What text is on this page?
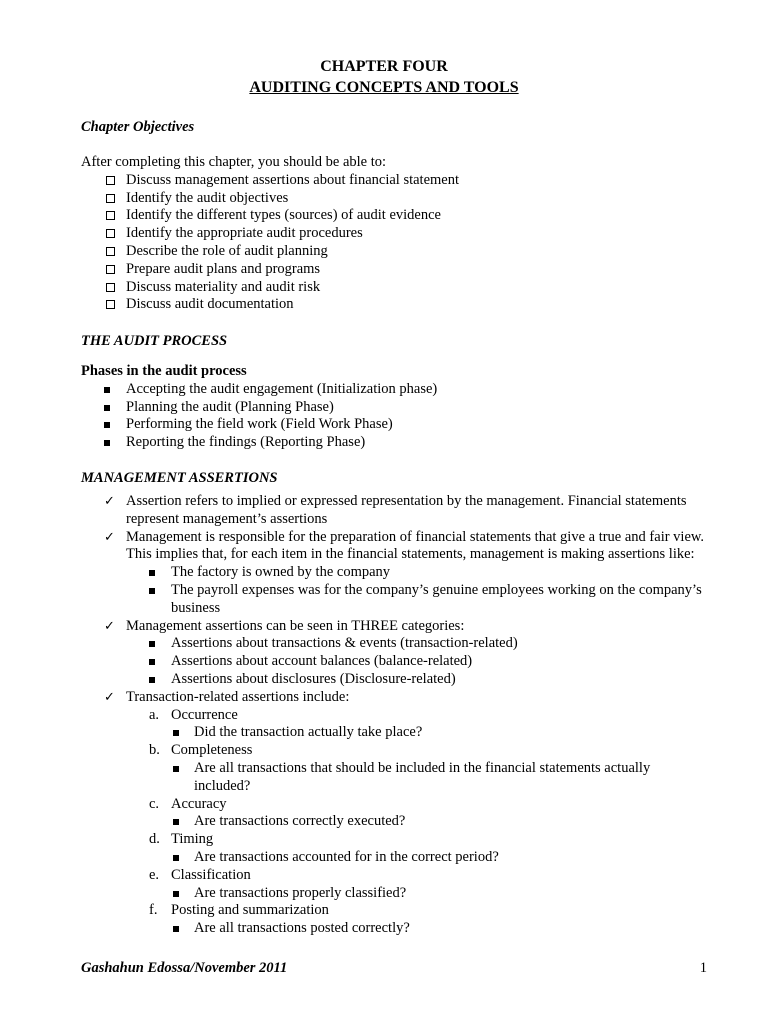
CHAPTER FOUR
AUDITING CONCEPTS AND TOOLS
Chapter Objectives
After completing this chapter, you should be able to:
Discuss management assertions about financial statement
Identify the audit objectives
Identify the different types (sources) of audit evidence
Identify the appropriate audit procedures
Describe the role of audit planning
Prepare audit plans and programs
Discuss materiality and audit risk
Discuss audit documentation
THE AUDIT PROCESS
Phases in the audit process
Accepting the audit engagement (Initialization phase)
Planning the audit (Planning Phase)
Performing the field work (Field Work Phase)
Reporting the findings (Reporting Phase)
MANAGEMENT ASSERTIONS
✓ Assertion refers to implied or expressed representation by the management. Financial statements represent management’s assertions
✓ Management is responsible for the preparation of financial statements that give a true and fair view. This implies that, for each item in the financial statements, management is making assertions like:
The factory is owned by the company
The payroll expenses was for the company’s genuine employees working on the company’s business
✓ Management assertions can be seen in THREE categories:
Assertions about transactions & events (transaction-related)
Assertions about account balances (balance-related)
Assertions about disclosures (Disclosure-related)
✓ Transaction-related assertions include:
a. Occurrence
Did the transaction actually take place?
b. Completeness
Are all transactions that should be included in the financial statements actually included?
c. Accuracy
Are transactions correctly executed?
d. Timing
Are transactions accounted for in the correct period?
e. Classification
Are transactions properly classified?
f. Posting and summarization
Are all transactions posted correctly?
Gashahun Edossa/November 2011	1
